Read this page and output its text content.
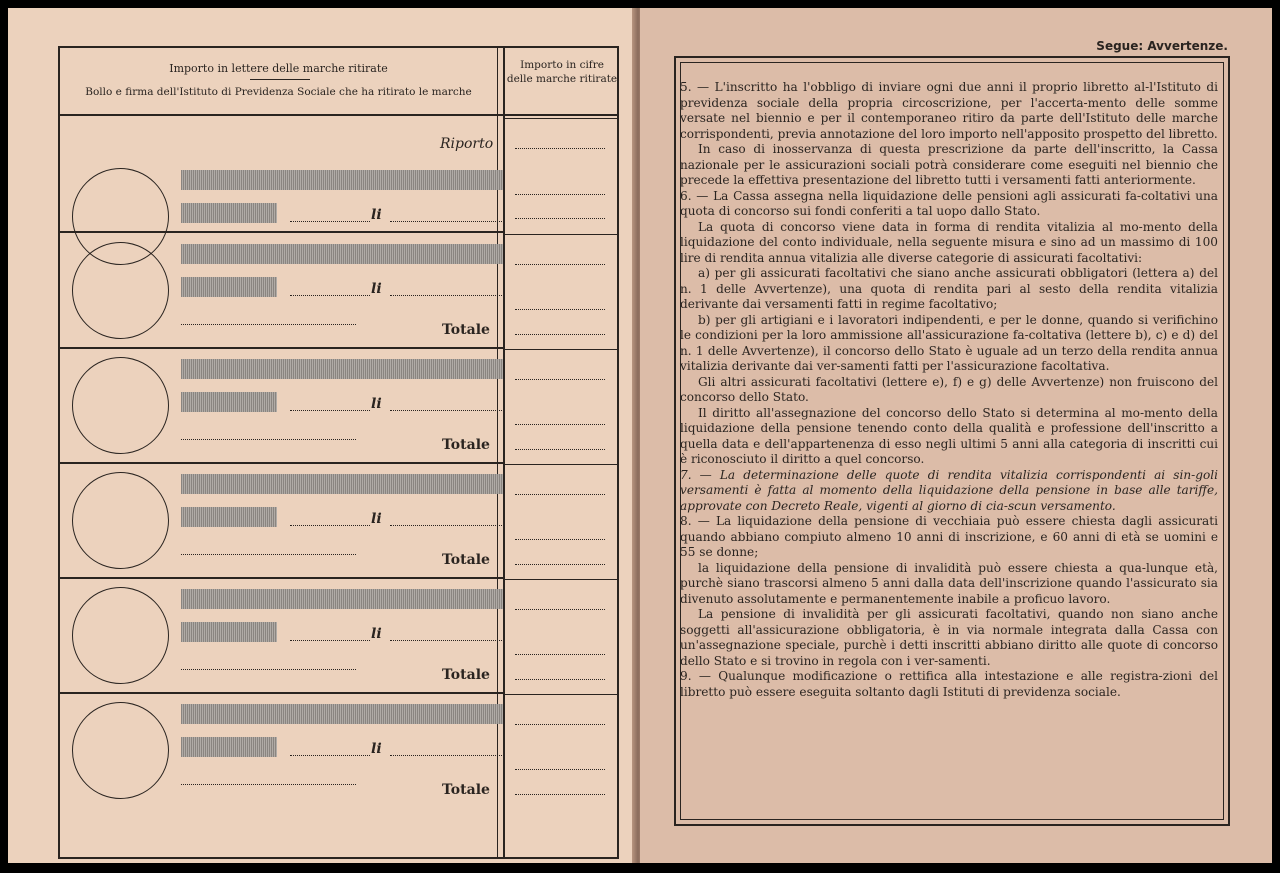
Importo in lettere delle marche ritirate
Bollo e firma dell'Istituto di Previdenza Sociale che ha ritirato le marche
Importo in cifre delle marche ritirate
Riporto
li
li
Totale
li
Totale
li
Totale
li
Totale
li
Totale
Segue: Avvertenze.

5. — L'inscritto ha l'obbligo di inviare ogni due anni il proprio libretto al-l'Istituto di previdenza sociale della propria circoscrizione, per l'accerta-mento delle somme versate nel biennio e per il contemporaneo ritiro da parte dell'Istituto delle marche corrispondenti, previa annotazione del loro importo nell'apposito prospetto del libretto.

In caso di inosservanza di questa prescrizione da parte dell'inscritto, la Cassa nazionale per le assicurazioni sociali potrà considerare come eseguiti nel biennio che precede la effettiva presentazione del libretto tutti i versamenti fatti anteriormente.

6. — La Cassa assegna nella liquidazione delle pensioni agli assicurati fa-coltativi una quota di concorso sui fondi conferiti a tal uopo dallo Stato.

La quota di concorso viene data in forma di rendita vitalizia al mo-mento della liquidazione del conto individuale, nella seguente misura e sino ad un massimo di 100 lire di rendita annua vitalizia alle diverse categorie di assicurati facoltativi:

a) per gli assicurati facoltativi che siano anche assicurati obbligatori (lettera a) del n. 1 delle Avvertenze), una quota di rendita pari al sesto della rendita vitalizia derivante dai versamenti fatti in regime facoltativo;

b) per gli artigiani e i lavoratori indipendenti, e per le donne, quando si verifichino le condizioni per la loro ammissione all'assicurazione fa-coltativa (lettere b), c) e d) del n. 1 delle Avvertenze), il concorso dello Stato è uguale ad un terzo della rendita annua vitalizia derivante dai ver-samenti fatti per l'assicurazione facoltativa.

Gli altri assicurati facoltativi (lettere e), f) e g) delle Avvertenze) non fruiscono del concorso dello Stato.

Il diritto all'assegnazione del concorso dello Stato si determina al mo-mento della liquidazione della pensione tenendo conto della qualità e professione dell'inscritto a quella data e dell'appartenenza di esso negli ultimi 5 anni alla categoria di inscritti cui è riconosciuto il diritto a quel concorso.

7. — La determinazione delle quote di rendita vitalizia corrispondenti ai sin-goli versamenti è fatta al momento della liquidazione della pensione in base alle tariffe, approvate con Decreto Reale, vigenti al giorno di cia-scun versamento.

8. — La liquidazione della pensione di vecchiaia può essere chiesta dagli assicurati quando abbiano compiuto almeno 10 anni di inscrizione, e 60 anni di età se uomini e 55 se donne;

la liquidazione della pensione di invalidità può essere chiesta a qua-lunque età, purchè siano trascorsi almeno 5 anni dalla data dell'inscrizione quando l'assicurato sia divenuto assolutamente e permanentemente inabile a proficuo lavoro.

La pensione di invalidità per gli assicurati facoltativi, quando non siano anche soggetti all'assicurazione obbligatoria, è in via normale integrata dalla Cassa con un'assegnazione speciale, purchè i detti inscritti abbiano diritto alle quote di concorso dello Stato e si trovino in regola con i ver-samenti.

9. — Qualunque modificazione o rettifica alla intestazione e alle registra-zioni del libretto può essere eseguita soltanto dagli Istituti di previdenza sociale.
